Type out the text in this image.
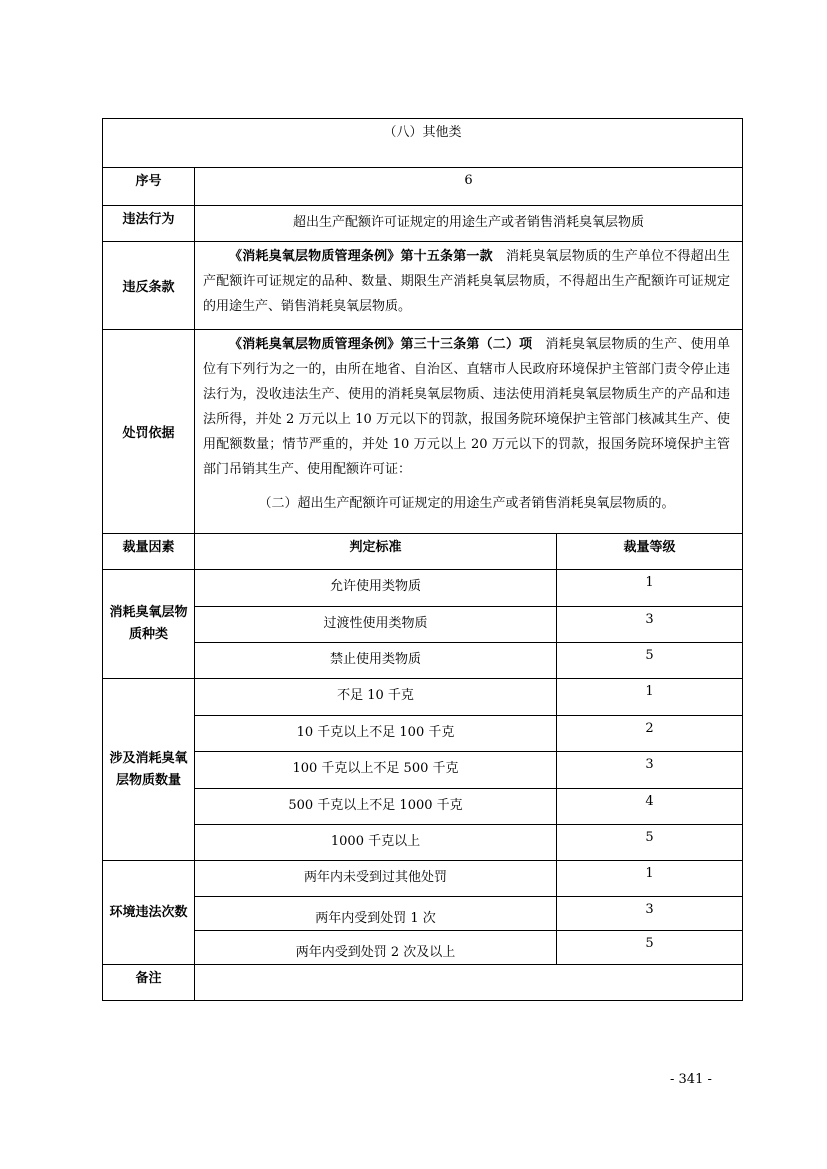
（八）其他类		
序号	6	
违法行为	超出生产配额许可证规定的用途生产或者销售消耗臭氧层物质	
违反条款	《消耗臭氧层物质管理条例》第十五条第一款  消耗臭氧层物质的生产单位不得超出生产配额许可证规定的品种、数量、期限生产消耗臭氧层物质，不得超出生产配额许可证规定的用途生产、销售消耗臭氧层物质。	

处罚依据	《消耗臭氧层物质管理条例》第三十三条第（二）项  消耗臭氧层物质的生产、使用单位有下列行为之一的，由所在地省、自治区、直辖市人民政府环境保护主管部门责令停止违法行为，没收违法生产、使用的消耗臭氧层物质、违法使用消耗臭氧层物质生产的产品和违法所得，并处 2 万元以上 10 万元以下的罚款，报国务院环境保护主管部门核减其生产、使用配额数量；情节严重的，并处 10 万元以上 20 万元以下的罚款，报国务院环境保护主管部门吊销其生产、使用配额许可证：

（二）超出生产配额许可证规定的用途生产或者销售消耗臭氧层物质的。	

裁量因素	判定标准	裁量等级
消耗臭氧层物质种类	允许使用类物质	1
	过渡性使用类物质	3
	禁止使用类物质	5
涉及消耗臭氧层物质数量	不足 10 千克	1
	10 千克以上不足 100 千克	2
	100 千克以上不足 500 千克	3
	500 千克以上不足 1000 千克	4
	1000 千克以上	5
环境违法次数	两年内未受到过其他处罚	1
	两年内受到处罚 1 次	3
	两年内受到处罚 2 次及以上	5
备注		
- 341 -
